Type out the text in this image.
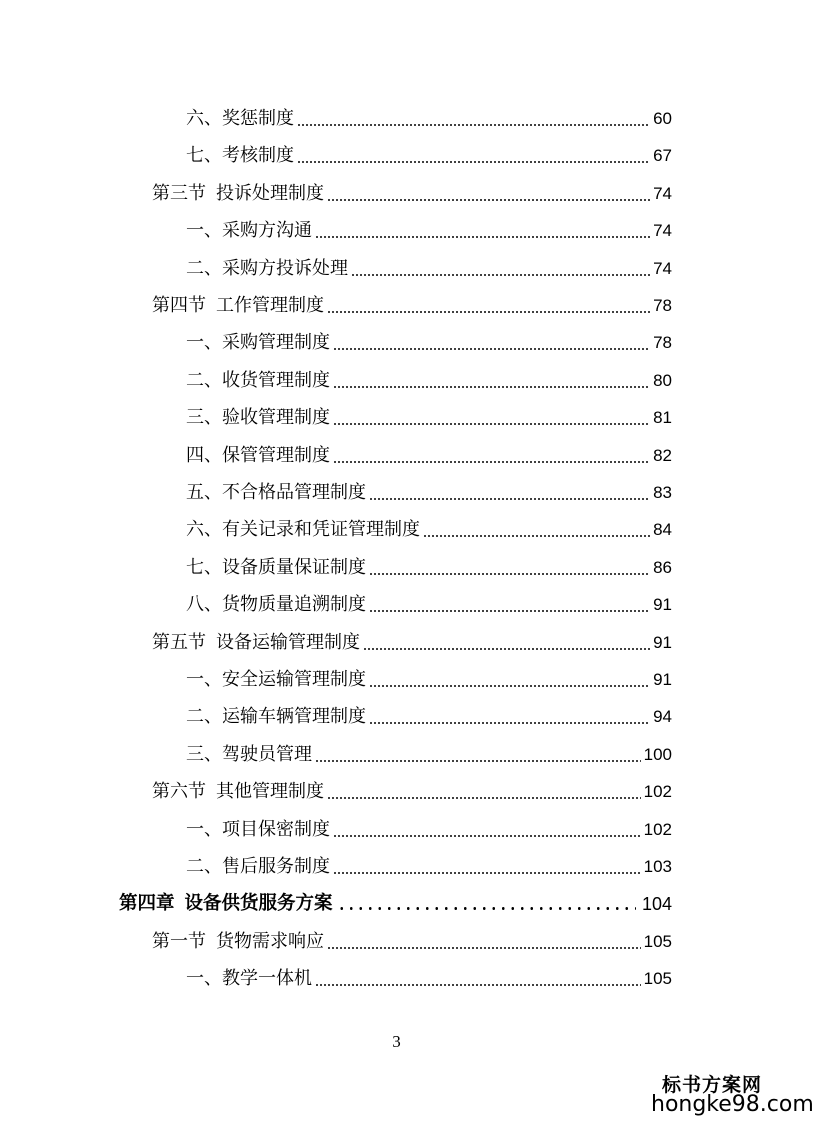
六、奖惩制度	60
七、考核制度	67
第三节 投诉处理制度	74
一、采购方沟通	74
二、采购方投诉处理	74
第四节 工作管理制度	78
一、采购管理制度	78
二、收货管理制度	80
三、验收管理制度	81
四、保管管理制度	82
五、不合格品管理制度	83
六、有关记录和凭证管理制度	84
七、设备质量保证制度	86
八、货物质量追溯制度	91
第五节 设备运输管理制度	91
一、安全运输管理制度	91
二、运输车辆管理制度	94
三、驾驶员管理	100
第六节 其他管理制度	102
一、项目保密制度	102
二、售后服务制度	103
第四章 设备供货服务方案	104
第一节 货物需求响应	105
一、教学一体机	105
3
标书方案网
hongke98.com
